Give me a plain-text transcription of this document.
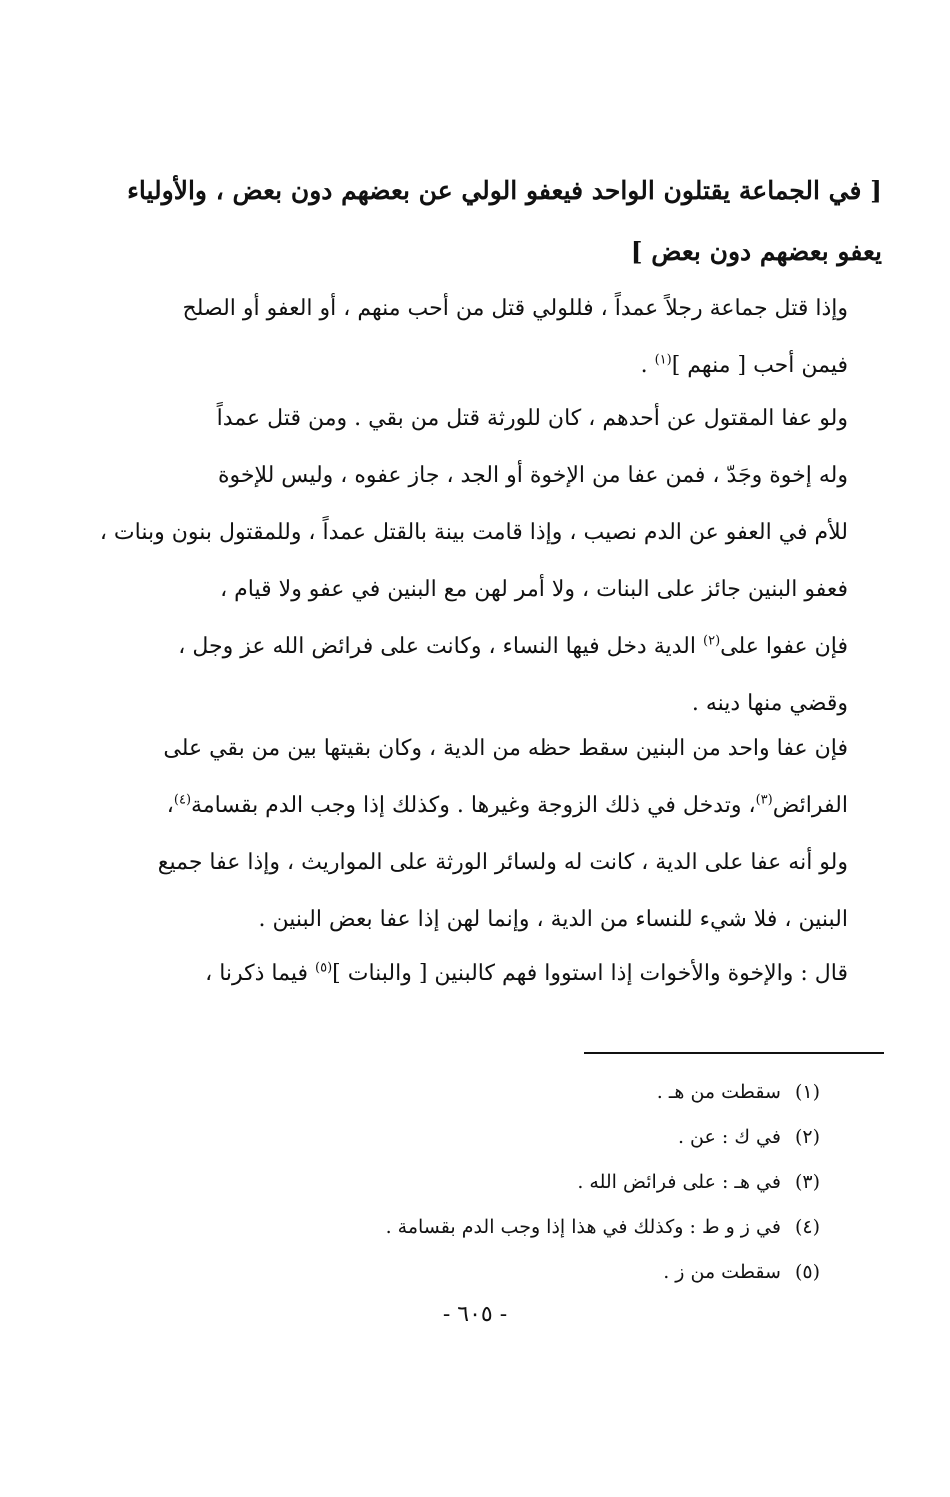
[ في الجماعة يقتلون الواحد فيعفو الولي عن بعضهم دون بعض ، والأولياء
يعفو بعضهم دون بعض ]

وإذا قتل جماعة رجلاً عمداً ، فللولي قتل من أحب منهم ، أو العفو أو الصلح
فيمن أحب [ منهم ]$^{(١)}$ .

ولو عفا المقتول عن أحدهم ، كان للورثة قتل من بقي . ومن قتل عمداً
وله إخوة وجَدّ ، فمن عفا من الإخوة أو الجد ، جاز عفوه ، وليس للإخوة
للأم في العفو عن الدم نصيب ، وإذا قامت بينة بالقتل عمداً ، وللمقتول بنون وبنات ،
فعفو البنين جائز على البنات ، ولا أمر لهن مع البنين في عفو ولا قيام ،
فإن عفوا على$^{(٢)}$ الدية دخل فيها النساء ، وكانت على فرائض الله عز وجل ،
وقضي منها دينه .

فإن عفا واحد من البنين سقط حظه من الدية ، وكان بقيتها بين من بقي على
الفرائض$^{(٣)}$، وتدخل في ذلك الزوجة وغيرها . وكذلك إذا وجب الدم بقسامة$^{(٤)}$،
ولو أنه عفا على الدية ، كانت له ولسائر الورثة على المواريث ، وإذا عفا جميع
البنين ، فلا شيء للنساء من الدية ، وإنما لهن إذا عفا بعض البنين .

قال : والإخوة والأخوات إذا استووا فهم كالبنين [ والبنات ]$^{(٥)}$ فيما ذكرنا ،

(١)سقطت من هـ .
(٢)في ك : عن .
(٣)في هـ : على فرائض الله .
(٤)في ز و ط : وكذلك في هذا إذا وجب الدم بقسامة .
(٥)سقطت من ز .
- ٦٠٥ -
